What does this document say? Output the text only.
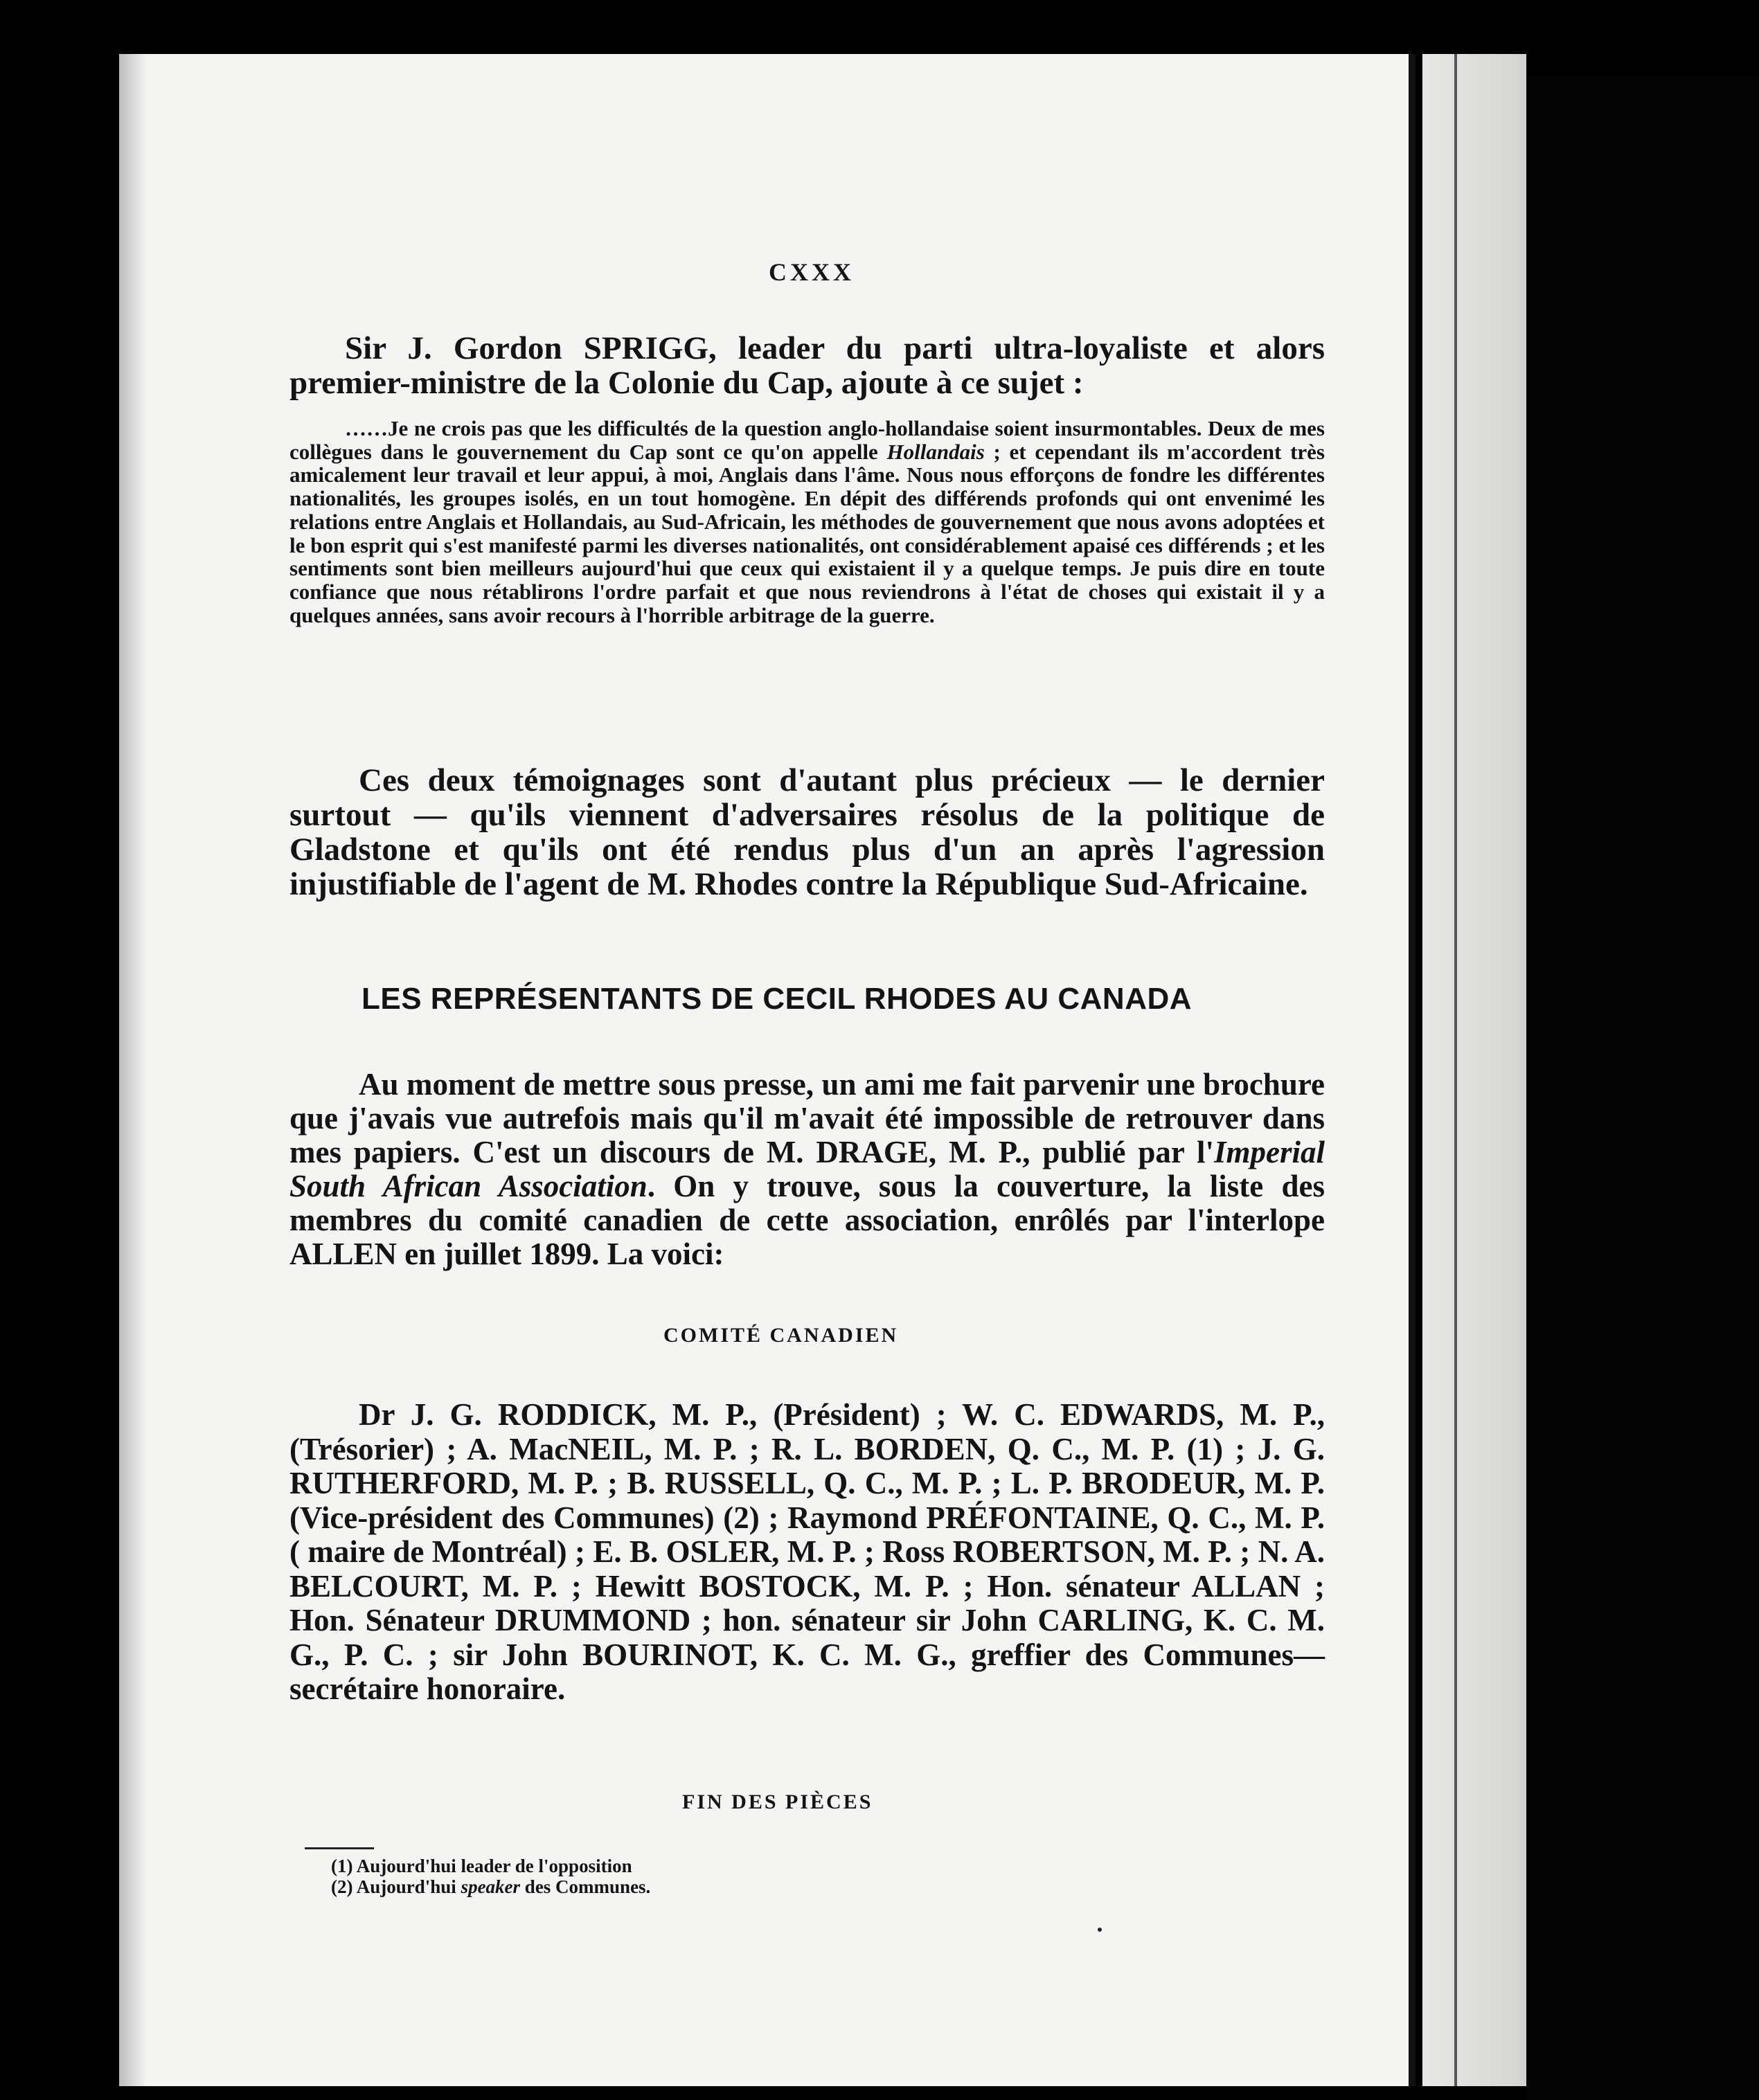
CXXX
Sir J. Gordon SPRIGG, leader du parti ultra-loyaliste et alors premier-ministre de la Colonie du Cap, ajoute à ce sujet :
……Je ne crois pas que les difficultés de la question anglo-hollandaise soient insurmontables. Deux de mes collègues dans le gouvernement du Cap sont ce qu'on appelle Hollandais ; et cependant ils m'accordent très amicalement leur travail et leur appui, à moi, Anglais dans l'âme. Nous nous efforçons de fondre les différentes nationalités, les groupes isolés, en un tout homogène. En dépit des différends profonds qui ont envenimé les relations entre Anglais et Hollandais, au Sud-Africain, les méthodes de gouvernement que nous avons adoptées et le bon esprit qui s'est manifesté parmi les diverses nationalités, ont considérablement apaisé ces différends ; et les sentiments sont bien meilleurs aujourd'hui que ceux qui existaient il y a quelque temps. Je puis dire en toute confiance que nous rétablirons l'ordre parfait et que nous reviendrons à l'état de choses qui existait il y a quelques années, sans avoir recours à l'horrible arbitrage de la guerre.
Ces deux témoignages sont d'autant plus précieux — le dernier surtout — qu'ils viennent d'adversaires résolus de la politique de Gladstone et qu'ils ont été rendus plus d'un an après l'agression injustifiable de l'agent de M. Rhodes contre la République Sud-Africaine.
LES REPRÉSENTANTS DE CECIL RHODES AU CANADA
Au moment de mettre sous presse, un ami me fait parvenir une brochure que j'avais vue autrefois mais qu'il m'avait été impossible de retrouver dans mes papiers. C'est un discours de M. DRAGE, M. P., publié par l'Imperial South African Association. On y trouve, sous la couverture, la liste des membres du comité canadien de cette association, enrôlés par l'interlope ALLEN en juillet 1899. La voici:
COMITÉ CANADIEN
Dr J. G. RODDICK, M. P., (Président) ; W. C. EDWARDS, M. P., (Trésorier) ; A. MacNEIL, M. P. ; R. L. BORDEN, Q. C., M. P. (1) ; J. G. RUTHERFORD, M. P. ; B. RUSSELL, Q. C., M. P. ; L. P. BRODEUR, M. P. (Vice-président des Communes) (2) ; Raymond PRÉFONTAINE, Q. C., M. P. ( maire de Montréal) ; E. B. OSLER, M. P. ; Ross ROBERTSON, M. P. ; N. A. BELCOURT, M. P. ; Hewitt BOSTOCK, M. P. ; Hon. sénateur ALLAN ; Hon. Sénateur DRUMMOND ; hon. sénateur sir John CARLING, K. C. M. G., P. C. ; sir John BOURINOT, K. C. M. G., greffier des Communes—secrétaire honoraire.
FIN DES PIÈCES
(1) Aujourd'hui leader de l'opposition
(2) Aujourd'hui speaker des Communes.
